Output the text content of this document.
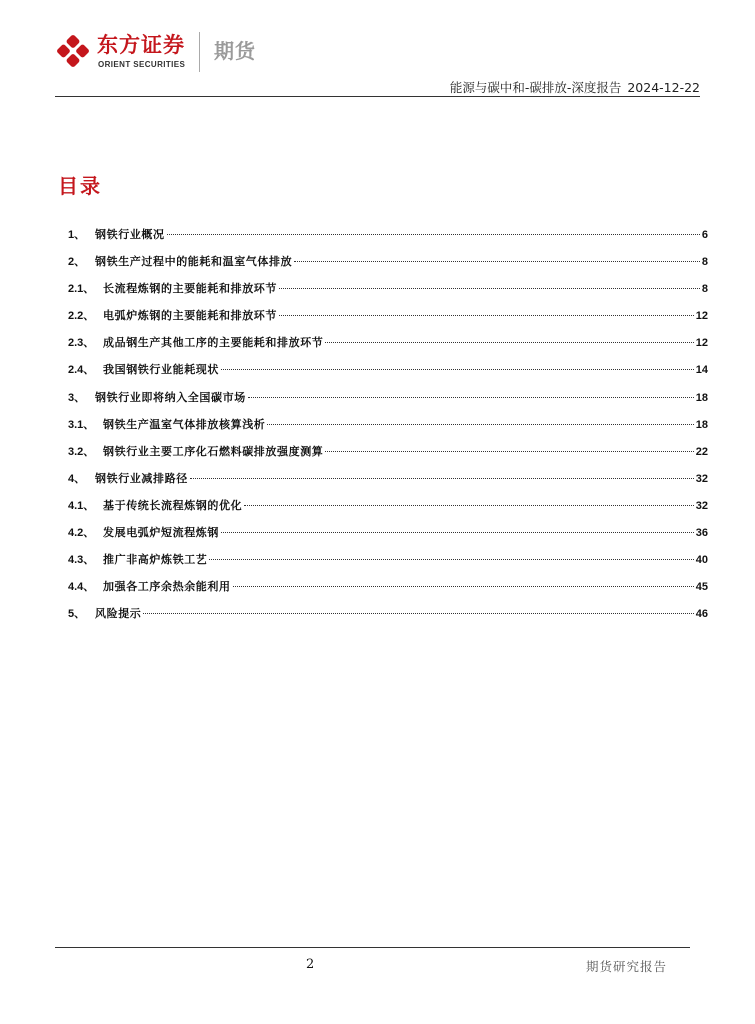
东方证券
ORIENT SECURITIES
期货
能源与碳中和-碳排放-深度报告 2024-12-22
目录
1、 钢铁行业概况	6
2、 钢铁生产过程中的能耗和温室气体排放	8
2.1、 长流程炼钢的主要能耗和排放环节	8
2.2、 电弧炉炼钢的主要能耗和排放环节	12
2.3、 成品钢生产其他工序的主要能耗和排放环节	12
2.4、 我国钢铁行业能耗现状	14
3、 钢铁行业即将纳入全国碳市场	18
3.1、 钢铁生产温室气体排放核算浅析	18
3.2、 钢铁行业主要工序化石燃料碳排放强度测算	22
4、 钢铁行业减排路径	32
4.1、 基于传统长流程炼钢的优化	32
4.2、 发展电弧炉短流程炼钢	36
4.3、 推广非高炉炼铁工艺	40
4.4、 加强各工序余热余能利用	45
5、 风险提示	46
2	期货研究报告
